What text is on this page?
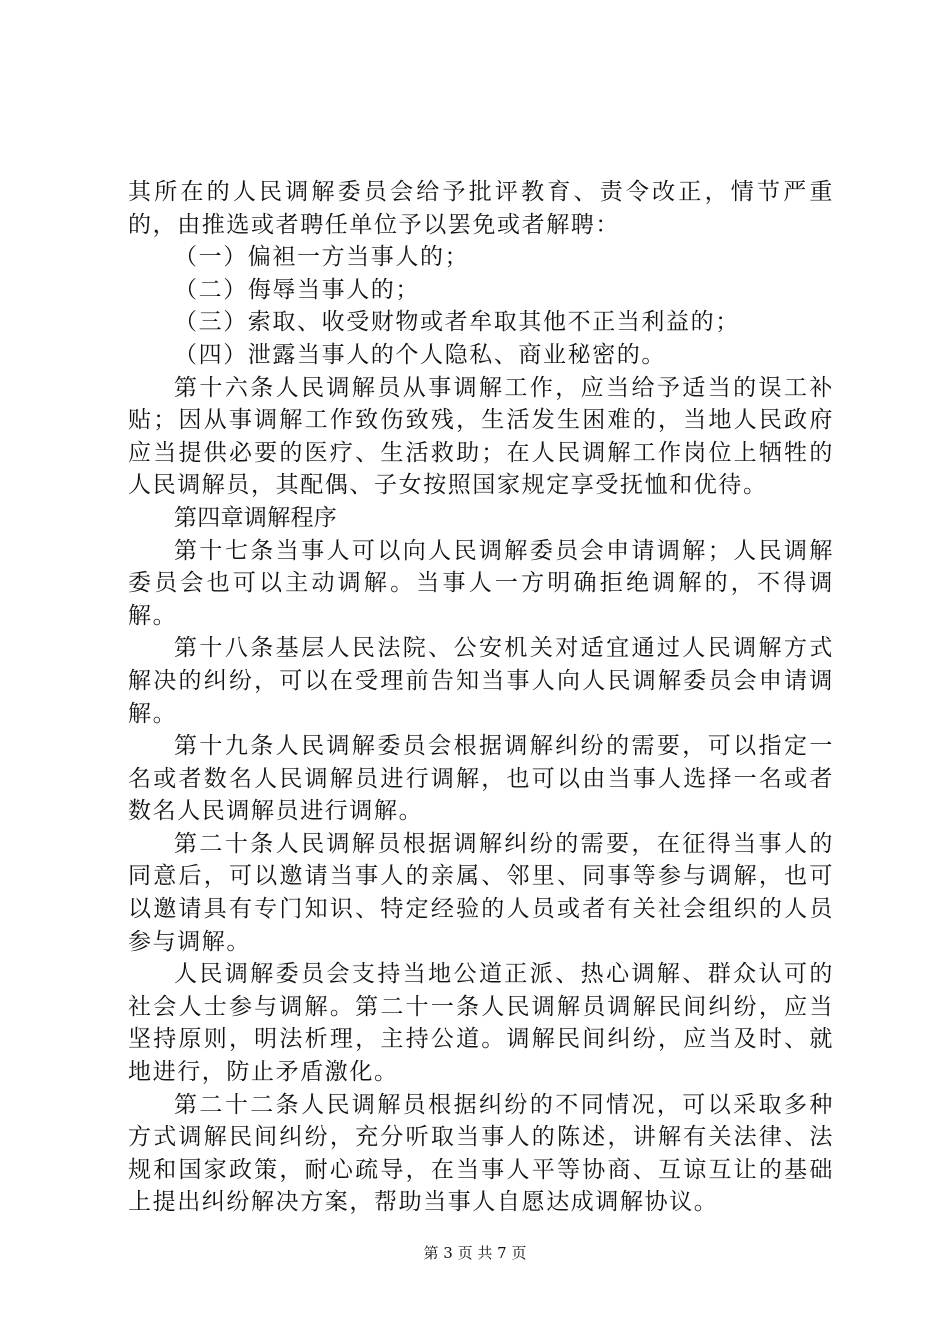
其所在的人民调解委员会给予批评教育、责令改正，情节严重的，由推选或者聘任单位予以罢免或者解聘：

（一）偏袒一方当事人的；

（二）侮辱当事人的；

（三）索取、收受财物或者牟取其他不正当利益的；

（四）泄露当事人的个人隐私、商业秘密的。

第十六条人民调解员从事调解工作，应当给予适当的误工补贴；因从事调解工作致伤致残，生活发生困难的，当地人民政府应当提供必要的医疗、生活救助；在人民调解工作岗位上牺牲的人民调解员，其配偶、子女按照国家规定享受抚恤和优待。

第四章调解程序

第十七条当事人可以向人民调解委员会申请调解；人民调解委员会也可以主动调解。当事人一方明确拒绝调解的，不得调解。

第十八条基层人民法院、公安机关对适宜通过人民调解方式解决的纠纷，可以在受理前告知当事人向人民调解委员会申请调解。

第十九条人民调解委员会根据调解纠纷的需要，可以指定一名或者数名人民调解员进行调解，也可以由当事人选择一名或者数名人民调解员进行调解。

第二十条人民调解员根据调解纠纷的需要，在征得当事人的同意后，可以邀请当事人的亲属、邻里、同事等参与调解，也可以邀请具有专门知识、特定经验的人员或者有关社会组织的人员参与调解。

人民调解委员会支持当地公道正派、热心调解、群众认可的社会人士参与调解。第二十一条人民调解员调解民间纠纷，应当坚持原则，明法析理，主持公道。调解民间纠纷，应当及时、就地进行，防止矛盾激化。

第二十二条人民调解员根据纠纷的不同情况，可以采取多种方式调解民间纠纷，充分听取当事人的陈述，讲解有关法律、法规和国家政策，耐心疏导，在当事人平等协商、互谅互让的基础上提出纠纷解决方案，帮助当事人自愿达成调解协议。

第 3 页 共 7 页
